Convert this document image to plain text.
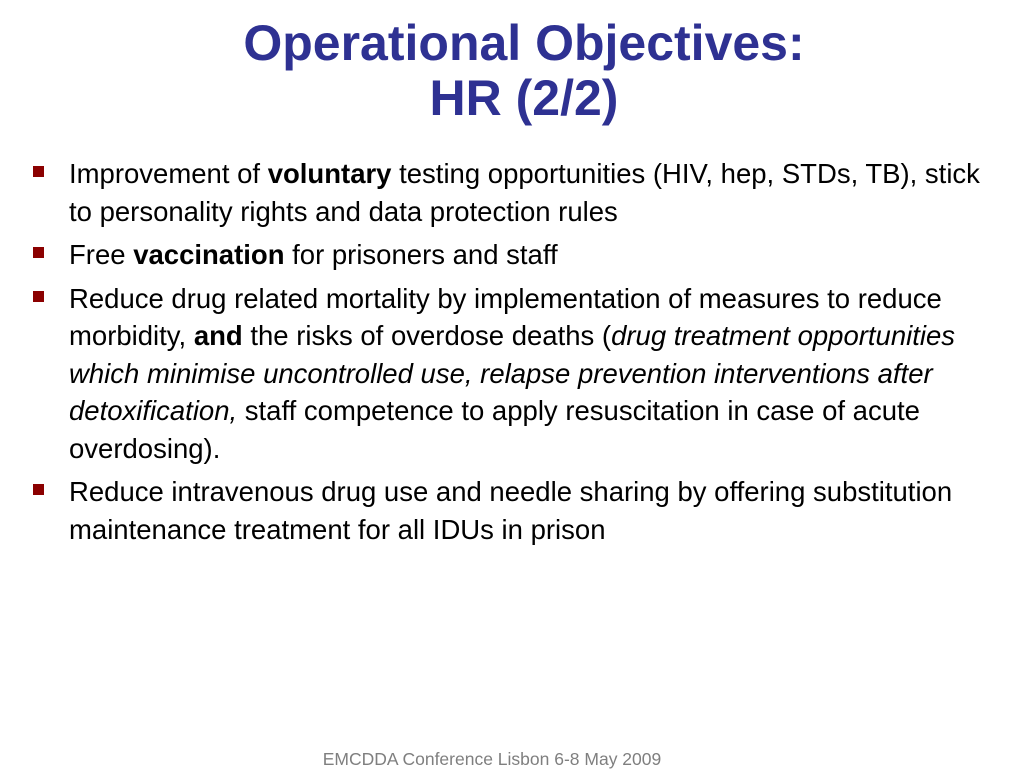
Operational Objectives:
HR (2/2)
Improvement of voluntary testing opportunities (HIV, hep, STDs, TB), stick to personality rights and data protection rules
Free vaccination for prisoners and staff
Reduce drug related mortality by implementation of measures to reduce morbidity, and the risks of overdose deaths (drug treatment opportunities which minimise uncontrolled use, relapse prevention interventions after detoxification, staff competence to apply resuscitation in case of acute overdosing).
Reduce intravenous drug use and needle sharing by offering substitution maintenance treatment for all IDUs in prison
EMCDDA Conference Lisbon 6-8 May 2009
